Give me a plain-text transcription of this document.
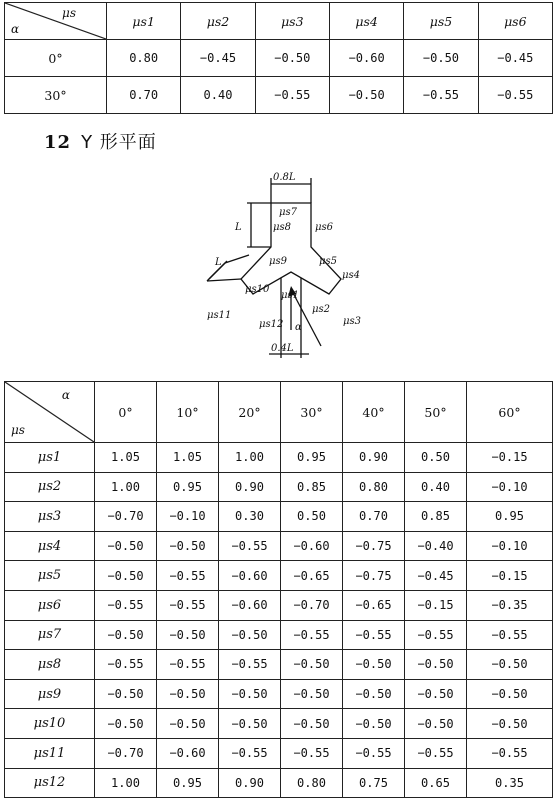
μs
α	μs1	μs2	μs3	μs4	μs5	μs6
0°	0.80	−0.45	−0.50	−0.60	−0.50	−0.45
30°	0.70	0.40	−0.55	−0.50	−0.55	−0.55
12 Y 形平面
0.8L
L
L
0.4L
α
μs7
μs8 μs6
μs9	μs5
μs4
μs10
μs1
μs11
μs12
μs2
μs3
α
μs	0°	10°	20°	30°	40°	50°	60°
μs1	1.05	1.05	1.00	0.95	0.90	0.50	−0.15
μs2	1.00	0.95	0.90	0.85	0.80	0.40	−0.10
μs3	−0.70	−0.10	0.30	0.50	0.70	0.85	0.95
μs4	−0.50	−0.50	−0.55	−0.60	−0.75	−0.40	−0.10
μs5	−0.50	−0.55	−0.60	−0.65	−0.75	−0.45	−0.15
μs6	−0.55	−0.55	−0.60	−0.70	−0.65	−0.15	−0.35
μs7	−0.50	−0.50	−0.50	−0.55	−0.55	−0.55	−0.55
μs8	−0.55	−0.55	−0.55	−0.50	−0.50	−0.50	−0.50
μs9	−0.50	−0.50	−0.50	−0.50	−0.50	−0.50	−0.50
μs10	−0.50	−0.50	−0.50	−0.50	−0.50	−0.50	−0.50
μs11	−0.70	−0.60	−0.55	−0.55	−0.55	−0.55	−0.55
μs12	1.00	0.95	0.90	0.80	0.75	0.65	0.35
